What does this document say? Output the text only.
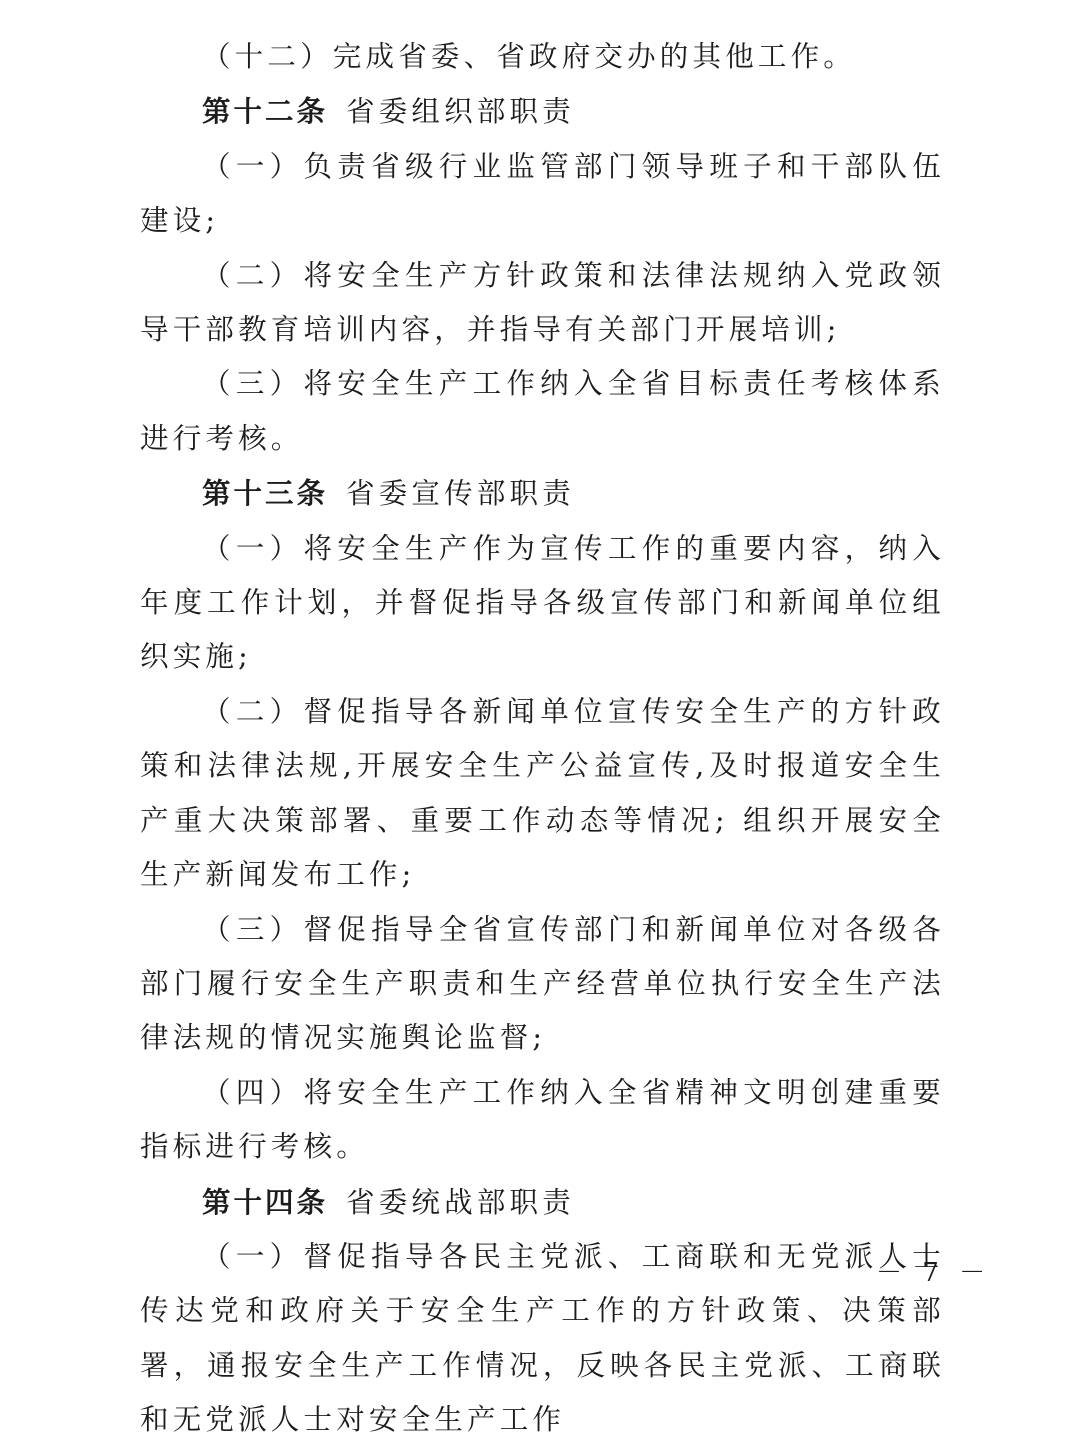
（十二）完成省委、省政府交办的其他工作。

第十二条 省委组织部职责

（一）负责省级行业监管部门领导班子和干部队伍建设;

（二）将安全生产方针政策和法律法规纳入党政领导干部教育培训内容，并指导有关部门开展培训;

（三）将安全生产工作纳入全省目标责任考核体系进行考核。

第十三条 省委宣传部职责

（一）将安全生产作为宣传工作的重要内容，纳入年度工作计划，并督促指导各级宣传部门和新闻单位组织实施;

（二）督促指导各新闻单位宣传安全生产的方针政策和法律法规,开展安全生产公益宣传,及时报道安全生产重大决策部署、重要工作动态等情况; 组织开展安全生产新闻发布工作;

（三）督促指导全省宣传部门和新闻单位对各级各部门履行安全生产职责和生产经营单位执行安全生产法律法规的情况实施舆论监督;

（四）将安全生产工作纳入全省精神文明创建重要指标进行考核。

第十四条 省委统战部职责

（一）督促指导各民主党派、工商联和无党派人士传达党和政府关于安全生产工作的方针政策、决策部署，通报安全生产工作情况，反映各民主党派、工商联和无党派人士对安全生产工作

－ 7 －
